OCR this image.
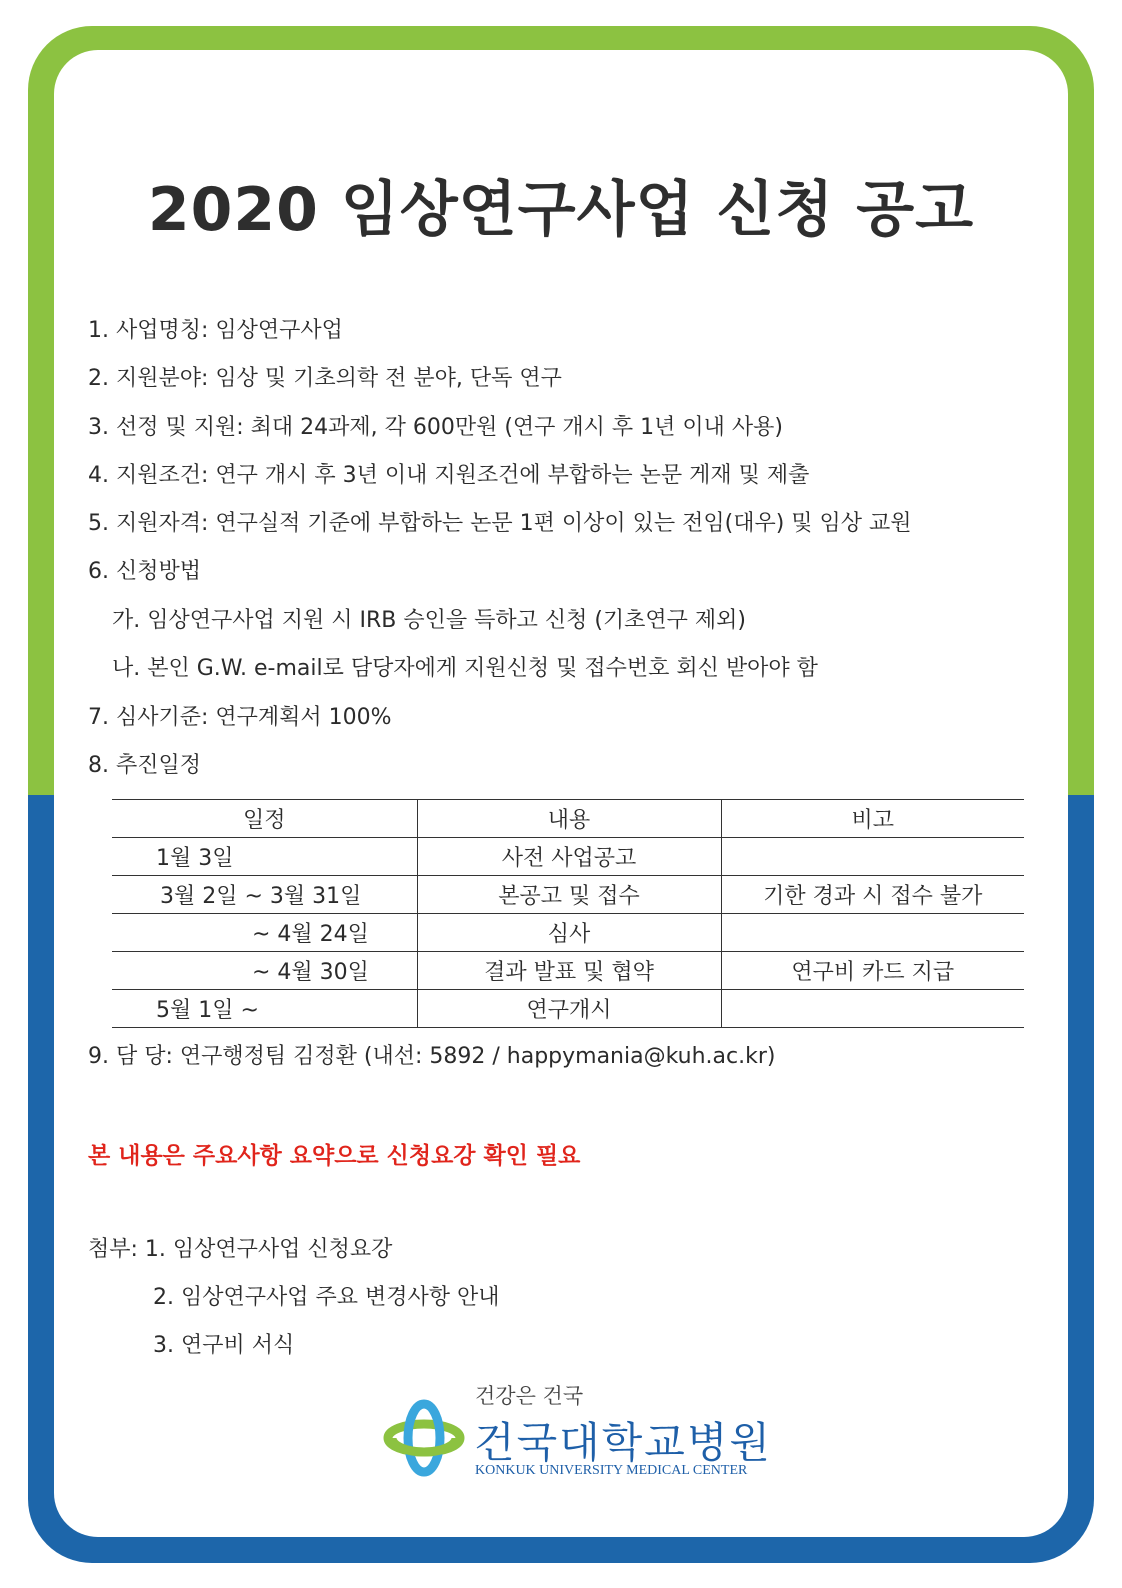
2020 임상연구사업 신청 공고
1. 사업명칭: 임상연구사업
2. 지원분야: 임상 및 기초의학 전 분야, 단독 연구
3. 선정 및 지원: 최대 24과제, 각 600만원 (연구 개시 후 1년 이내 사용)
4. 지원조건: 연구 개시 후 3년 이내 지원조건에 부합하는 논문 게재 및 제출
5. 지원자격: 연구실적 기준에 부합하는 논문 1편 이상이 있는 전임(대우) 및 임상 교원
6. 신청방법
가. 임상연구사업 지원 시 IRB 승인을 득하고 신청 (기초연구 제외)
나. 본인 G.W. e-mail로 담당자에게 지원신청 및 접수번호 회신 받아야 함
7. 심사기준: 연구계획서 100%
8. 추진일정
일정	내용	비고
1월 3일	사전 사업공고	
3월 2일 ~ 3월 31일	본공고 및 접수	기한 경과 시 접수 불가
~ 4월 24일	심사	
~ 4월 30일	결과 발표 및 협약	연구비 카드 지급
5월 1일 ~	연구개시	
9. 담 당: 연구행정팀 김정환 (내선: 5892 / happymania@kuh.ac.kr)
본 내용은 주요사항 요약으로 신청요강 확인 필요
첨부: 1. 임상연구사업 신청요강
2. 임상연구사업 주요 변경사항 안내
3. 연구비 서식
건강은 건국
건국대학교병원
KONKUK UNIVERSITY MEDICAL CENTER
